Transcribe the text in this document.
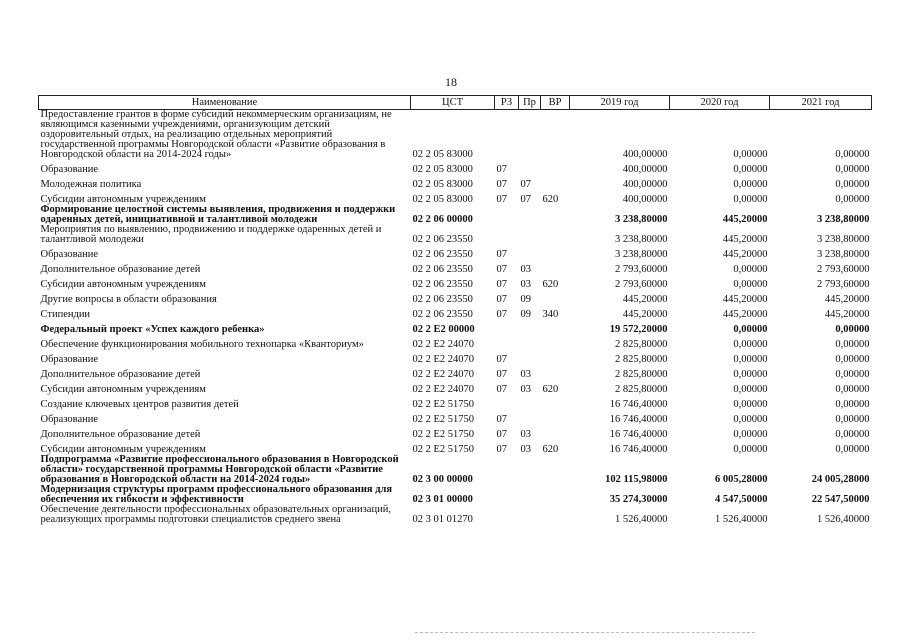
18
Наименование	ЦСТ	РЗ	Пр	ВР	2019 год	2020 год	2021 год
Предоставление грантов в форме субсидий некоммерческим организациям, не являющимся казенными учреждениями, организующим детский оздоровительный отдых, на реализацию отдельных мероприятий государственной программы Новгородской области «Развитие образования в Новгородской области на 2014-2024 годы»	02 2 05 83000				400,00000	0,00000	0,00000
Образование	02 2 05 83000	07			400,00000	0,00000	0,00000
Молодежная политика	02 2 05 83000	07	07		400,00000	0,00000	0,00000
Субсидии автономным учреждениям	02 2 05 83000	07	07	620	400,00000	0,00000	0,00000
Формирование целостной системы выявления, продвижения и поддержки одаренных детей, инициативной и талантливой молодежи	02 2 06 00000				3 238,80000	445,20000	3 238,80000
Мероприятия по выявлению, продвижению и поддержке одаренных детей и талантливой молодежи	02 2 06 23550				3 238,80000	445,20000	3 238,80000
Образование	02 2 06 23550	07			3 238,80000	445,20000	3 238,80000
Дополнительное образование детей	02 2 06 23550	07	03		2 793,60000	0,00000	2 793,60000
Субсидии автономным учреждениям	02 2 06 23550	07	03	620	2 793,60000	0,00000	2 793,60000
Другие вопросы в области образования	02 2 06 23550	07	09		445,20000	445,20000	445,20000
Стипендии	02 2 06 23550	07	09	340	445,20000	445,20000	445,20000
Федеральный проект «Успех каждого ребенка»	02 2 E2 00000				19 572,20000	0,00000	0,00000
Обеспечение функционирования мобильного технопарка «Кванториум»	02 2 E2 24070				2 825,80000	0,00000	0,00000
Образование	02 2 E2 24070	07			2 825,80000	0,00000	0,00000
Дополнительное образование детей	02 2 E2 24070	07	03		2 825,80000	0,00000	0,00000
Субсидии автономным учреждениям	02 2 E2 24070	07	03	620	2 825,80000	0,00000	0,00000
Создание ключевых центров развития детей	02 2 E2 51750				16 746,40000	0,00000	0,00000
Образование	02 2 E2 51750	07			16 746,40000	0,00000	0,00000
Дополнительное образование детей	02 2 E2 51750	07	03		16 746,40000	0,00000	0,00000
Субсидии автономным учреждениям	02 2 E2 51750	07	03	620	16 746,40000	0,00000	0,00000
Подпрограмма «Развитие профессионального образования в Новгородской области» государственной программы Новгородской области «Развитие образования в Новгородской области на 2014-2024 годы»	02 3 00 00000				102 115,98000	6 005,28000	24 005,28000
Модернизация структуры программ профессионального образования для обеспечения их гибкости и эффективности	02 3 01 00000				35 274,30000	4 547,50000	22 547,50000
Обеспечение деятельности профессиональных образовательных организаций, реализующих программы подготовки специалистов среднего звена	02 3 01 01270				1 526,40000	1 526,40000	1 526,40000
